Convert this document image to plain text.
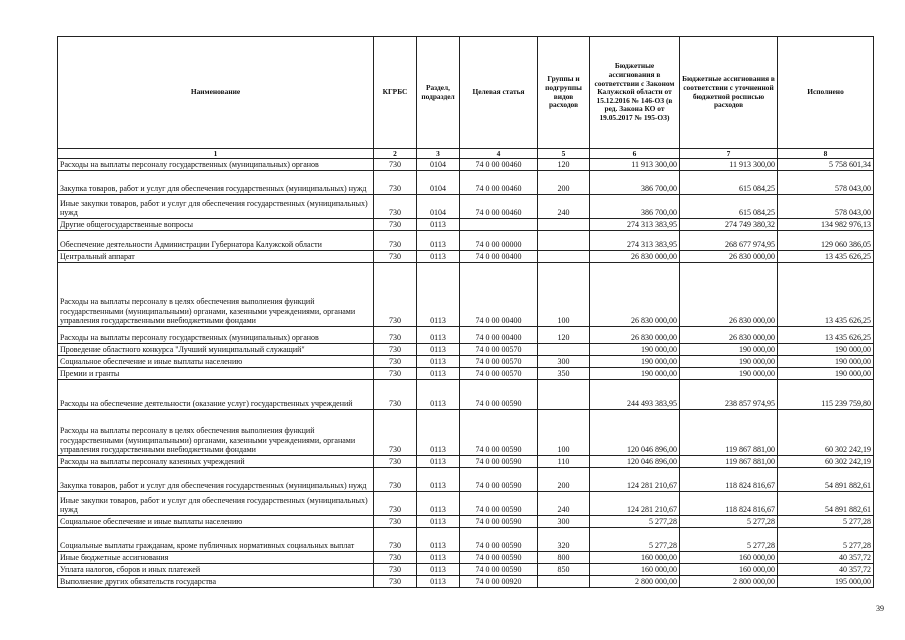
Наименование	КГРБС	Раздел, подраздел	Целевая статья	Группы и подгруппы видов расходов	Бюджетные ассигнования в соответствии с Законом Калужской области от 15.12.2016 № 146-ОЗ (в ред. Закона КО от 19.05.2017 № 195-ОЗ)	Бюджетные ассигнования в соответствии с уточненной бюджетной росписью расходов	Исполнено
1	2	3	4	5	6	7	8
Расходы на выплаты персоналу государственных (муниципальных) органов	730	0104	74 0 00 00460	120	11 913 300,00	11 913 300,00	5 758 601,34
Закупка товаров, работ и услуг для обеспечения государственных (муниципальных) нужд	730	0104	74 0 00 00460	200	386 700,00	615 084,25	578 043,00
Иные закупки товаров, работ и услуг для обеспечения государственных (муниципальных) нужд	730	0104	74 0 00 00460	240	386 700,00	615 084,25	578 043,00
Другие общегосударственные вопросы	730	0113			274 313 383,95	274 749 380,32	134 982 976,13
Обеспечение деятельности Администрации Губернатора Калужской области	730	0113	74 0 00 00000		274 313 383,95	268 677 974,95	129 060 386,05
Центральный аппарат	730	0113	74 0 00 00400		26 830 000,00	26 830 000,00	13 435 626,25
Расходы на выплаты персоналу в целях обеспечения выполнения функций государственными (муниципальными) органами, казенными учреждениями, органами управления государственными внебюджетными фондами	730	0113	74 0 00 00400	100	26 830 000,00	26 830 000,00	13 435 626,25
Расходы на выплаты персоналу государственных (муниципальных) органов	730	0113	74 0 00 00400	120	26 830 000,00	26 830 000,00	13 435 626,25
Проведение областного конкурса "Лучший муниципальный служащий"	730	0113	74 0 00 00570		190 000,00	190 000,00	190 000,00
Социальное обеспечение и иные выплаты населению	730	0113	74 0 00 00570	300	190 000,00	190 000,00	190 000,00
Премии и гранты	730	0113	74 0 00 00570	350	190 000,00	190 000,00	190 000,00
Расходы на обеспечение деятельности (оказание услуг) государственных учреждений	730	0113	74 0 00 00590		244 493 383,95	238 857 974,95	115 239 759,80
Расходы на выплаты персоналу в целях обеспечения выполнения функций государственными (муниципальными) органами, казенными учреждениями, органами управления государственными внебюджетными фондами	730	0113	74 0 00 00590	100	120 046 896,00	119 867 881,00	60 302 242,19
Расходы на выплаты персоналу казенных учреждений	730	0113	74 0 00 00590	110	120 046 896,00	119 867 881,00	60 302 242,19
Закупка товаров, работ и услуг для обеспечения государственных (муниципальных) нужд	730	0113	74 0 00 00590	200	124 281 210,67	118 824 816,67	54 891 882,61
Иные закупки товаров, работ и услуг для обеспечения государственных (муниципальных) нужд	730	0113	74 0 00 00590	240	124 281 210,67	118 824 816,67	54 891 882,61
Социальное обеспечение и иные выплаты населению	730	0113	74 0 00 00590	300	5 277,28	5 277,28	5 277,28
Социальные выплаты гражданам, кроме публичных нормативных социальных выплат	730	0113	74 0 00 00590	320	5 277,28	5 277,28	5 277,28
Иные бюджетные ассигнования	730	0113	74 0 00 00590	800	160 000,00	160 000,00	40 357,72
Уплата налогов, сборов и иных платежей	730	0113	74 0 00 00590	850	160 000,00	160 000,00	40 357,72
Выполнение других обязательств государства	730	0113	74 0 00 00920		2 800 000,00	2 800 000,00	195 000,00
39
